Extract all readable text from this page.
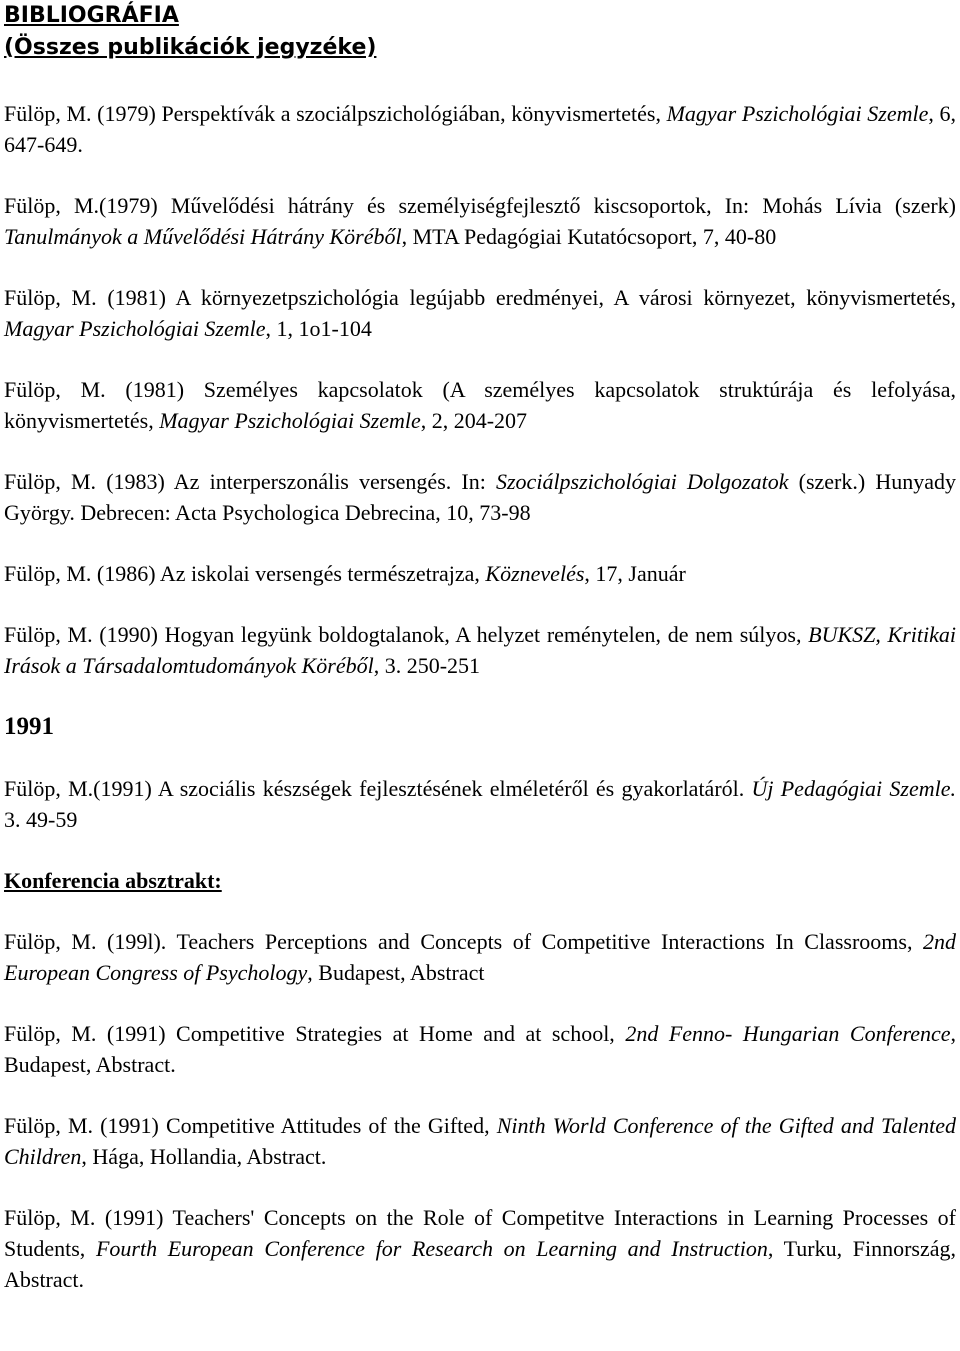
BIBLIOGRÁFIA
(Összes publikációk jegyzéke)

Fülöp, M. (1979) Perspektívák a szociálpszichológiában, könyvismertetés, Magyar Pszichológiai Szemle, 6, 647-649.

Fülöp, M.(1979) Művelődési hátrány és személyiségfejlesztő kiscsoportok, In: Mohás Lívia (szerk) Tanulmányok a Művelődési Hátrány Köréből, MTA Pedagógiai Kutatócsoport, 7, 40-80

Fülöp, M. (1981) A környezetpszichológia legújabb eredményei, A városi környezet, könyvismertetés, Magyar Pszichológiai Szemle, 1, 1o1-104

Fülöp, M. (1981) Személyes kapcsolatok (A személyes kapcsolatok struktúrája és lefolyása, könyvismertetés, Magyar Pszichológiai Szemle, 2, 204-207

Fülöp, M. (1983) Az interperszonális versengés. In: Szociálpszichológiai Dolgozatok (szerk.) Hunyady György. Debrecen: Acta Psychologica Debrecina, 10, 73-98

Fülöp, M. (1986) Az iskolai versengés természetrajza, Köznevelés, 17, Január

Fülöp, M. (1990) Hogyan legyünk boldogtalanok, A helyzet reménytelen, de nem súlyos, BUKSZ, Kritikai Irások a Társadalomtudományok Köréből, 3. 250-251

1991

Fülöp, M.(1991) A szociális készségek fejlesztésének elméletéről és gyakorlatáról. Új Pedagógiai Szemle. 3. 49-59

Konferencia absztrakt:

Fülöp, M. (199l). Teachers Perceptions and Concepts of Competitive Interactions In Classrooms, 2nd European Congress of Psychology, Budapest, Abstract

Fülöp, M. (1991) Competitive Strategies at Home and at school, 2nd Fenno- Hungarian Conference, Budapest, Abstract.

Fülöp, M. (1991) Competitive Attitudes of the Gifted, Ninth World Conference of the Gifted and Talented Children, Hága, Hollandia, Abstract.

Fülöp, M. (1991) Teachers' Concepts on the Role of Competitve Interactions in Learning Processes of Students, Fourth European Conference for Research on Learning and Instruction, Turku, Finnország, Abstract.
